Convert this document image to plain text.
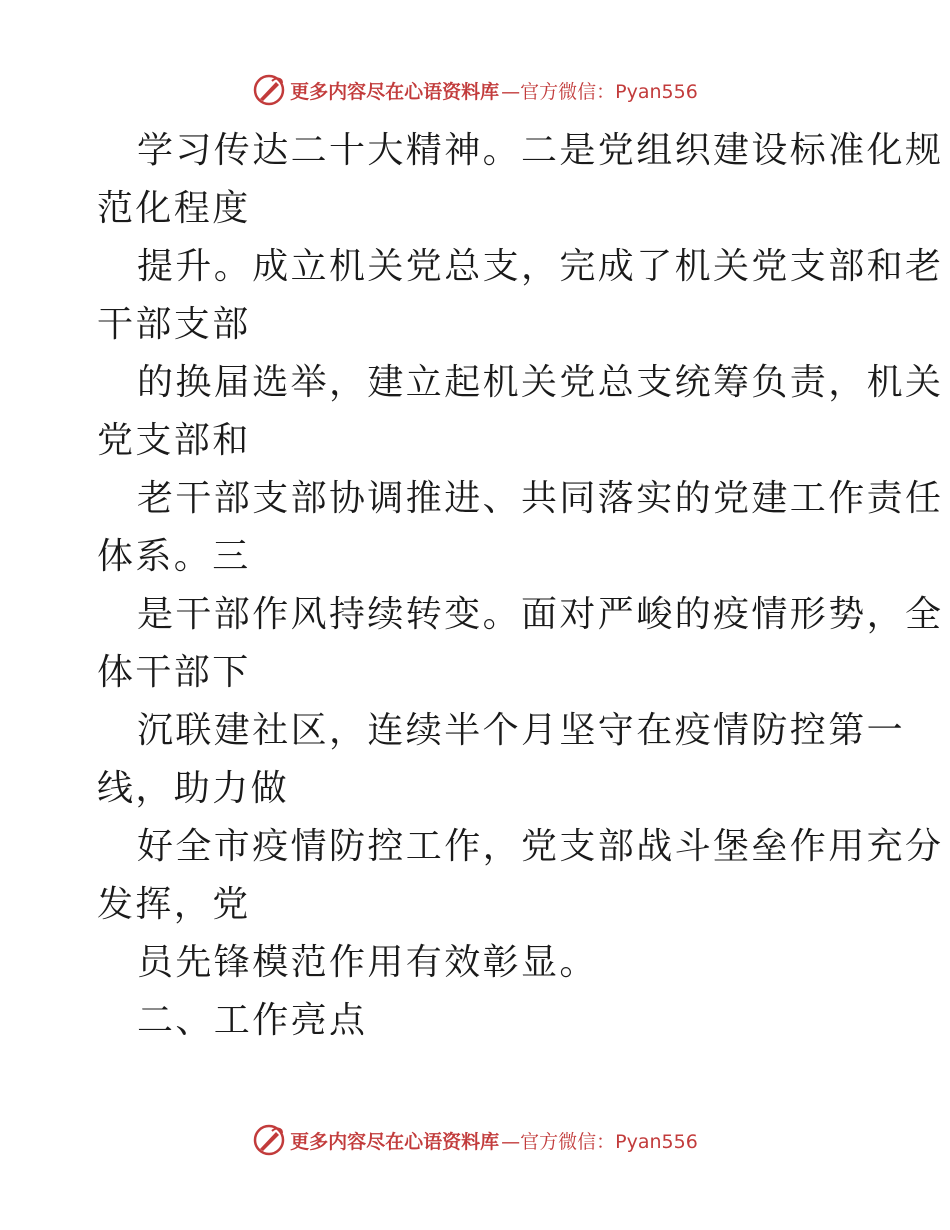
更多内容尽在心语资料库 —官方微信：Pyan556
学习传达二十大精神。二是党组织建设标准化规
范化程度
提升。成立机关党总支，完成了机关党支部和老
干部支部
的换届选举，建立起机关党总支统筹负责，机关
党支部和
老干部支部协调推进、共同落实的党建工作责任
体系。三
是干部作风持续转变。面对严峻的疫情形势，全
体干部下
沉联建社区，连续半个月坚守在疫情防控第一
线，助力做
好全市疫情防控工作，党支部战斗堡垒作用充分
发挥，党
员先锋模范作用有效彰显。
二、工作亮点
更多内容尽在心语资料库 —官方微信：Pyan556
